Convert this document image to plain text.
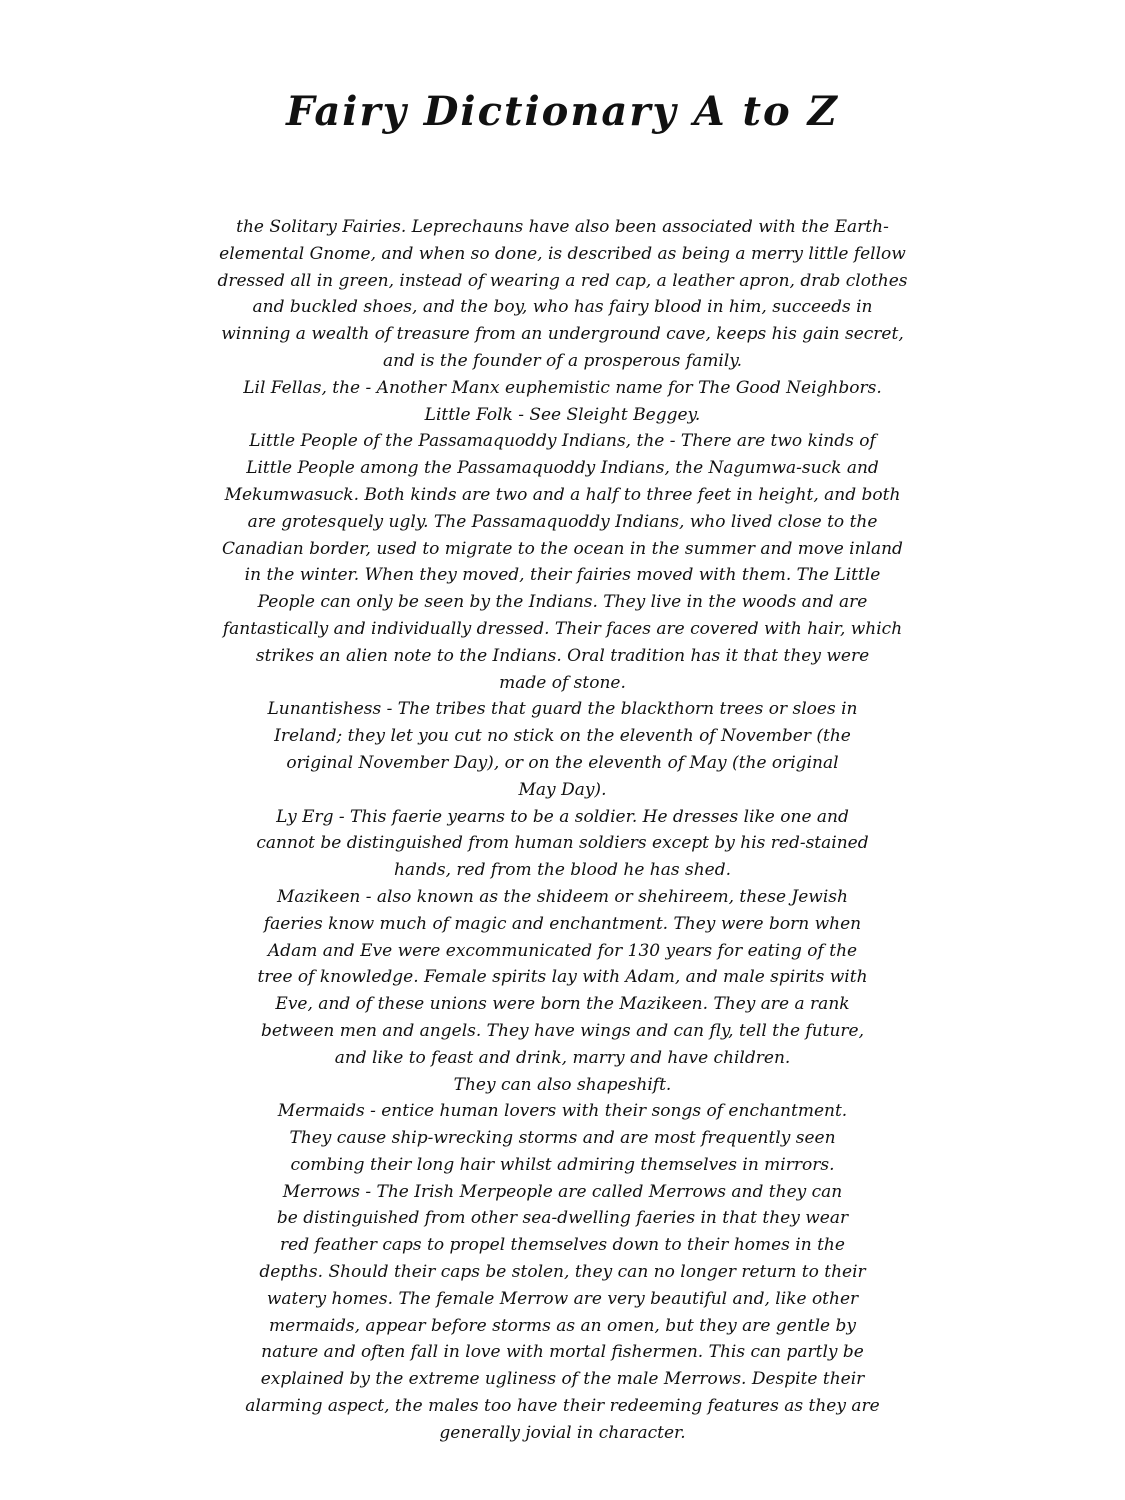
Fairy Dictionary A to Z
the Solitary Fairies. Leprechauns have also been associated with the Earth-
elemental Gnome, and when so done, is described as being a merry little fellow
dressed all in green, instead of wearing a red cap, a leather apron, drab clothes
and buckled shoes, and the boy, who has fairy blood in him, succeeds in
winning a wealth of treasure from an underground cave, keeps his gain secret,
and is the founder of a prosperous family.
Lil Fellas, the - Another Manx euphemistic name for The Good Neighbors.
Little Folk - See Sleight Beggey.
Little People of the Passamaquoddy Indians, the - There are two kinds of
Little People among the Passamaquoddy Indians, the Nagumwa-suck and
Mekumwasuck. Both kinds are two and a half to three feet in height, and both
are grotesquely ugly. The Passamaquoddy Indians, who lived close to the
Canadian border, used to migrate to the ocean in the summer and move inland
in the winter. When they moved, their fairies moved with them. The Little
People can only be seen by the Indians. They live in the woods and are
fantastically and individually dressed. Their faces are covered with hair, which
strikes an alien note to the Indians. Oral tradition has it that they were
made of stone.
Lunantishess - The tribes that guard the blackthorn trees or sloes in
Ireland; they let you cut no stick on the eleventh of November (the
original November Day), or on the eleventh of May (the original
May Day).
Ly Erg - This faerie yearns to be a soldier. He dresses like one and
cannot be distinguished from human soldiers except by his red-stained
hands, red from the blood he has shed.
Mazikeen - also known as the shideem or shehireem, these Jewish
faeries know much of magic and enchantment. They were born when
Adam and Eve were excommunicated for 130 years for eating of the
tree of knowledge. Female spirits lay with Adam, and male spirits with
Eve, and of these unions were born the Mazikeen. They are a rank
between men and angels. They have wings and can fly, tell the future,
and like to feast and drink, marry and have children.
They can also shapeshift.
Mermaids - entice human lovers with their songs of enchantment.
They cause ship-wrecking storms and are most frequently seen
combing their long hair whilst admiring themselves in mirrors.
Merrows - The Irish Merpeople are called Merrows and they can
be distinguished from other sea-dwelling faeries in that they wear
red feather caps to propel themselves down to their homes in the
depths. Should their caps be stolen, they can no longer return to their
watery homes. The female Merrow are very beautiful and, like other
mermaids, appear before storms as an omen, but they are gentle by
nature and often fall in love with mortal fishermen. This can partly be
explained by the extreme ugliness of the male Merrows. Despite their
alarming aspect, the males too have their redeeming features as they are
generally jovial in character.
